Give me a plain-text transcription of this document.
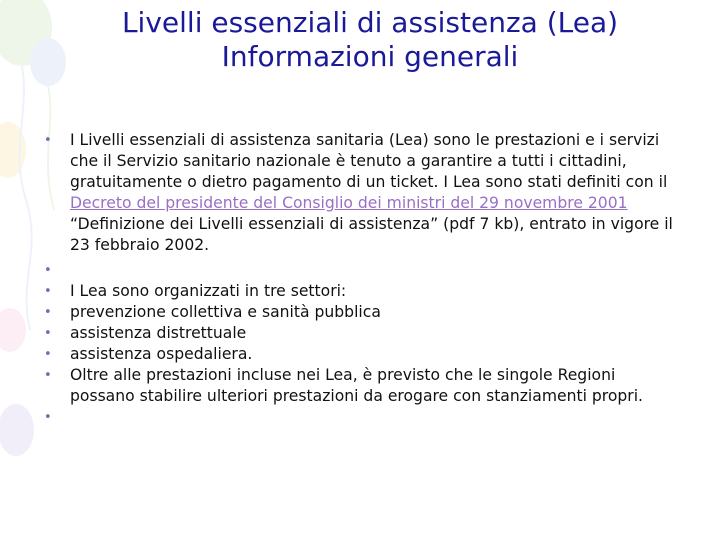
Livelli essenziali di assistenza (Lea)
Informazioni generali
• I Livelli essenziali di assistenza sanitaria (Lea) sono le prestazioni e i servizi che il Servizio sanitario nazionale è tenuto a garantire a tutti i cittadini, gratuitamente o dietro pagamento di un ticket. I Lea sono stati definiti con il Decreto del presidente del Consiglio dei ministri del 29 novembre 2001 “Definizione dei Livelli essenziali di assistenza” (pdf 7 kb), entrato in vigore il 23 febbraio 2002.
•

• I Lea sono organizzati in tre settori:
• prevenzione collettiva e sanità pubblica
• assistenza distrettuale
• assistenza ospedaliera.
• Oltre alle prestazioni incluse nei Lea, è previsto che le singole Regioni possano stabilire ulteriori prestazioni da erogare con stanziamenti propri.
•
